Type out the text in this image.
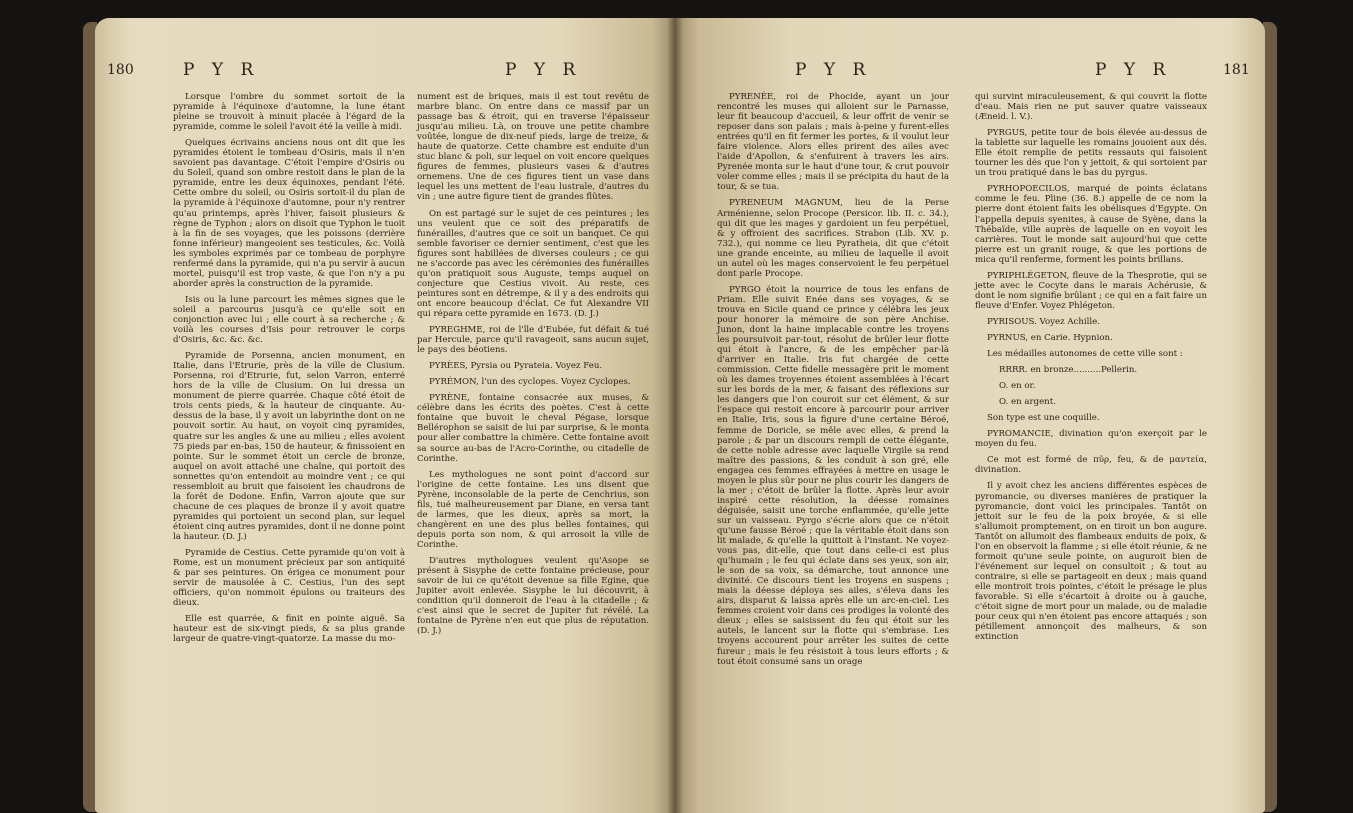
180	P Y R	P Y R

Lorsque l'ombre du sommet sortoit de la pyramide à l'équinoxe d'automne, la lune étant pleine se trouvoit à minuit placée à l'égard de la pyramide, comme le soleil l'avoit été la veille à midi.

Quelques écrivains anciens nous ont dit que les pyramides étoient le tombeau d'Osiris, mais il n'en savoient pas davantage. C'étoit l'empire d'Osiris ou du Soleil, quand son ombre restoit dans le plan de la pyramide, entre les deux équinoxes, pendant l'été. Cette ombre du soleil, ou Osiris sortoit-il du plan de la pyramide à l'équinoxe d'automne, pour n'y rentrer qu'au printemps, après l'hiver, faisoit plusieurs & règne de Typhon ; alors on disoit que Typhon le tuoit à la fin de ses voyages, que les poissons (derrière fonne inférieur) mangeoient ses testicules, &c. Voilà les symboles exprimés par ce tombeau de porphyre renfermé dans la pyramide, qui n'a pu servir à aucun mortel, puisqu'il est trop vaste, & que l'on n'y a pu aborder après la construction de la pyramide.

Isis ou la lune parcourt les mêmes signes que le soleil a parcourus jusqu'à ce qu'elle soit en conjonction avec lui ; elle court à sa recherche ; & voilà les courses d'Isis pour retrouver le corps d'Osiris, &c. &c. &c.

Pyramide de Porsenna, ancien monument, en Italie, dans l'Etrurie, près de la ville de Clusium. Porsenna, roi d'Etrurie, fut, selon Varron, enterré hors de la ville de Clusium. On lui dressa un monument de pierre quarrée. Chaque côté étoit de trois cents pieds, & la hauteur de cinquante. Au-dessus de la base, il y avoit un labyrinthe dont on ne pouvoit sortir. Au haut, on voyoit cinq pyramides, quatre sur les angles & une au milieu ; elles avoient 75 pieds par en-bas, 150 de hauteur, & finissoient en pointe. Sur le sommet étoit un cercle de bronze, auquel on avoit attaché une chaîne, qui portoit des sonnettes qu'on entendoit au moindre vent ; ce qui ressembloit au bruit que faisoient les chaudrons de la forêt de Dodone. Enfin, Varron ajoute que sur chacune de ces plaques de bronze il y avoit quatre pyramides qui portoient un second plan, sur lequel étoient cinq autres pyramides, dont il ne donne point la hauteur. (D. J.)

Pyramide de Cestius. Cette pyramide qu'on voit à Rome, est un monument précieux par son antiquité & par ses peintures. On érigea ce monument pour servir de mausolée à C. Cestius, l'un des sept officiers, qu'on nommoit épulons ou traiteurs des dieux.

Elle est quarrée, & finit en pointe aiguë. Sa hauteur est de six-vingt pieds, & sa plus grande largeur de quatre-vingt-quatorze. La masse du mo-

nument est de briques, mais il est tout revêtu de marbre blanc. On entre dans ce massif par un passage bas & étroit, qui en traverse l'épaisseur jusqu'au milieu. Là, on trouve une petite chambre voûtée, longue de dix-neuf pieds, large de treize, & haute de quatorze. Cette chambre est enduite d'un stuc blanc & poli, sur lequel on voit encore quelques figures de femmes, plusieurs vases & d'autres ornemens. Une de ces figures tient un vase dans lequel les uns mettent de l'eau lustrale, d'autres du vin ; une autre figure tient de grandes flûtes.

On est partagé sur le sujet de ces peintures ; les uns veulent que ce soit des préparatifs de funérailles, d'autres que ce soit un banquet. Ce qui semble favoriser ce dernier sentiment, c'est que les figures sont habillées de diverses couleurs ; ce qui ne s'accorde pas avec les cérémonies des funérailles qu'on pratiquoit sous Auguste, temps auquel on conjecture que Cestius vivoit. Au reste, ces peintures sont en détrempe, & il y a des endroits qui ont encore beaucoup d'éclat. Ce fut Alexandre VII qui répara cette pyramide en 1673. (D. J.)

PYREGHME, roi de l'île d'Eubée, fut défait & tué par Hercule, parce qu'il ravageoit, sans aucun sujet, le pays des béotiens.

PYRÈES, Pyrsia ou Pyrateia. Voyez Feu.

PYRÉMON, l'un des cyclopes. Voyez Cyclopes.

PYRÈNE, fontaine consacrée aux muses, & célèbre dans les écrits des poètes. C'est à cette fontaine que buvoit le cheval Pégase, lorsque Bellérophon se saisit de lui par surprise, & le monta pour aller combattre la chimère. Cette fontaine avoit sa source au-bas de l'Acro-Corinthe, ou citadelle de Corinthe.

Les mythologues ne sont point d'accord sur l'origine de cette fontaine. Les uns disent que Pyrène, inconsolable de la perte de Cenchrius, son fils, tué malheureusement par Diane, en versa tant de larmes, que les dieux, après sa mort, la changèrent en une des plus belles fontaines, qui depuis porta son nom, & qui arrosoit la ville de Corinthe.

D'autres mythologues veulent qu'Asope se présent à Sisyphe de cette fontaine précieuse, pour savoir de lui ce qu'étoit devenue sa fille Egine, que Jupiter avoit enlevée. Sisyphe le lui découvrit, à condition qu'il donneroit de l'eau à la citadelle ; & c'est ainsi que le secret de Jupiter fut révélé. La fontaine de Pyrène n'en eut que plus de réputation. (D. J.)

P Y R	P Y R	181

PYRENÉE, roi de Phocide, ayant un jour rencontré les muses qui alloient sur le Parnasse, leur fit beaucoup d'accueil, & leur offrit de venir se reposer dans son palais ; mais à-peine y furent-elles entrées qu'il en fit fermer les portes, & il voulut leur faire violence. Alors elles prirent des ailes avec l'aide d'Apollon, & s'enfuirent à travers les airs. Pyrenée monta sur le haut d'une tour, & crut pouvoir voler comme elles ; mais il se précipita du haut de la tour, & se tua.

PYRENEUM MAGNUM, lieu de la Perse Arménienne, selon Procope (Persicor. lib. II. c. 34.), qui dit que les mages y gardoient un feu perpétuel, & y offroient des sacrifices. Strabon (Lib. XV. p. 732.), qui nomme ce lieu Pyratheia, dit que c'étoit une grande enceinte, au milieu de laquelle il avoit un autel où les mages conservoient le feu perpétuel dont parle Procope.

PYRGO étoit la nourrice de tous les enfans de Priam. Elle suivit Enée dans ses voyages, & se trouva en Sicile quand ce prince y célébra les jeux pour honorer la mémoire de son père Anchise. Junon, dont la haine implacable contre les troyens les poursuivoit par-tout, résolut de brûler leur flotte qui étoit à l'ancre, & de les empêcher par-là d'arriver en Italie. Iris fut chargée de cette commission. Cette fidelle messagère prit le moment où les dames troyennes étoient assemblées à l'écart sur les bords de la mer, & faisant des réflexions sur les dangers que l'on couroit sur cet élément, & sur l'espace qui restoit encore à parcourir pour arriver en Italie, Iris, sous la figure d'une certaine Béroé, femme de Doricle, se mêle avec elles, & prend la parole ; & par un discours rempli de cette élégante, de cette noble adresse avec laquelle Virgile sa rend maître des passions, & les conduit à son gré, elle engagea ces femmes effrayées à mettre en usage le moyen le plus sûr pour ne plus courir les dangers de la mer ; c'étoit de brûler la flotte. Après leur avoir inspiré cette résolution, la déesse romaines déguisée, saisit une torche enflammée, qu'elle jette sur un vaisseau. Pyrgo s'écrie alors que ce n'étoit qu'une fausse Béroé ; que la véritable étoit dans son lit malade, & qu'elle la quittoit à l'instant. Ne voyez-vous pas, dit-elle, que tout dans celle-ci est plus qu'humain ; le feu qui éclate dans ses yeux, son air, le son de sa voix, sa démarche, tout annonce une divinité. Ce discours tient les troyens en suspens ; mais la déesse déploya ses ailes, s'éleva dans les airs, disparut & laissa après elle un arc-en-ciel. Les femmes croient voir dans ces prodiges la volonté des dieux ; elles se saisissent du feu qui étoit sur les autels, le lancent sur la flotte qui s'embrase. Les troyens accourent pour arrêter les suites de cette fureur ; mais le feu résistoit à tous leurs efforts ; & tout étoit consumé sans un orage

qui survint miraculeusement, & qui couvrit la flotte d'eau. Mais rien ne put sauver quatre vaisseaux (Æneid. l. V.).

PYRGUS, petite tour de bois élevée au-dessus de la tablette sur laquelle les romains jouoient aux dés. Elle étoit remplie de petits ressauts qui faisoient tourner les dés que l'on y jettoit, & qui sortoient par un trou pratiqué dans le bas du pyrgus.

PYRHOPOECILOS, marqué de points éclatans comme le feu. Pline (36. 8.) appelle de ce nom la pierre dont étoient faits les obélisques d'Egypte. On l'appella depuis syenites, à cause de Syène, dans la Thébaïde, ville auprès de laquelle on en voyoit les carrières. Tout le monde sait aujourd'hui que cette pierre est un granit rouge, & que les portions de mica qu'il renferme, forment les points brillans.

PYRIPHLÉGETON, fleuve de la Thesprotie, qui se jette avec le Cocyte dans le marais Achérusie, & dont le nom signifie brûlant ; ce qui en a fait faire un fleuve d'Enfer. Voyez Phlégeton.

PYRISOUS. Voyez Achille.

PYRNUS, en Carie. Hypnion.

Les médailles autonomes de cette ville sont :

RRRR. en bronze..........Pellerin.

O. en or.

O. en argent.

Son type est une coquille.

PYROMANCIE, divination qu'on exerçoit par le moyen du feu.

Ce mot est formé de πῦρ, feu, & de μαντεία, divination.

Il y avoit chez les anciens différentes espèces de pyromancie, ou diverses manières de pratiquer la pyromancie, dont voici les principales. Tantôt on jettoit sur le feu de la poix broyée, & si elle s'allumoit promptement, on en tiroit un bon augure. Tantôt on allumoit des flambeaux enduits de poix, & l'on en observoit la flamme ; si elle étoit réunie, & ne formoit qu'une seule pointe, on auguroit bien de l'événement sur lequel on consultoit ; & tout au contraire, si elle se partageoit en deux ; mais quand elle montroit trois pointes, c'étoit le présage le plus favorable. Si elle s'écartoit à droite ou à gauche, c'étoit signe de mort pour un malade, ou de maladie pour ceux qui n'en étoient pas encore attaqués ; son pétillement annonçoit des malheurs, & son extinction
